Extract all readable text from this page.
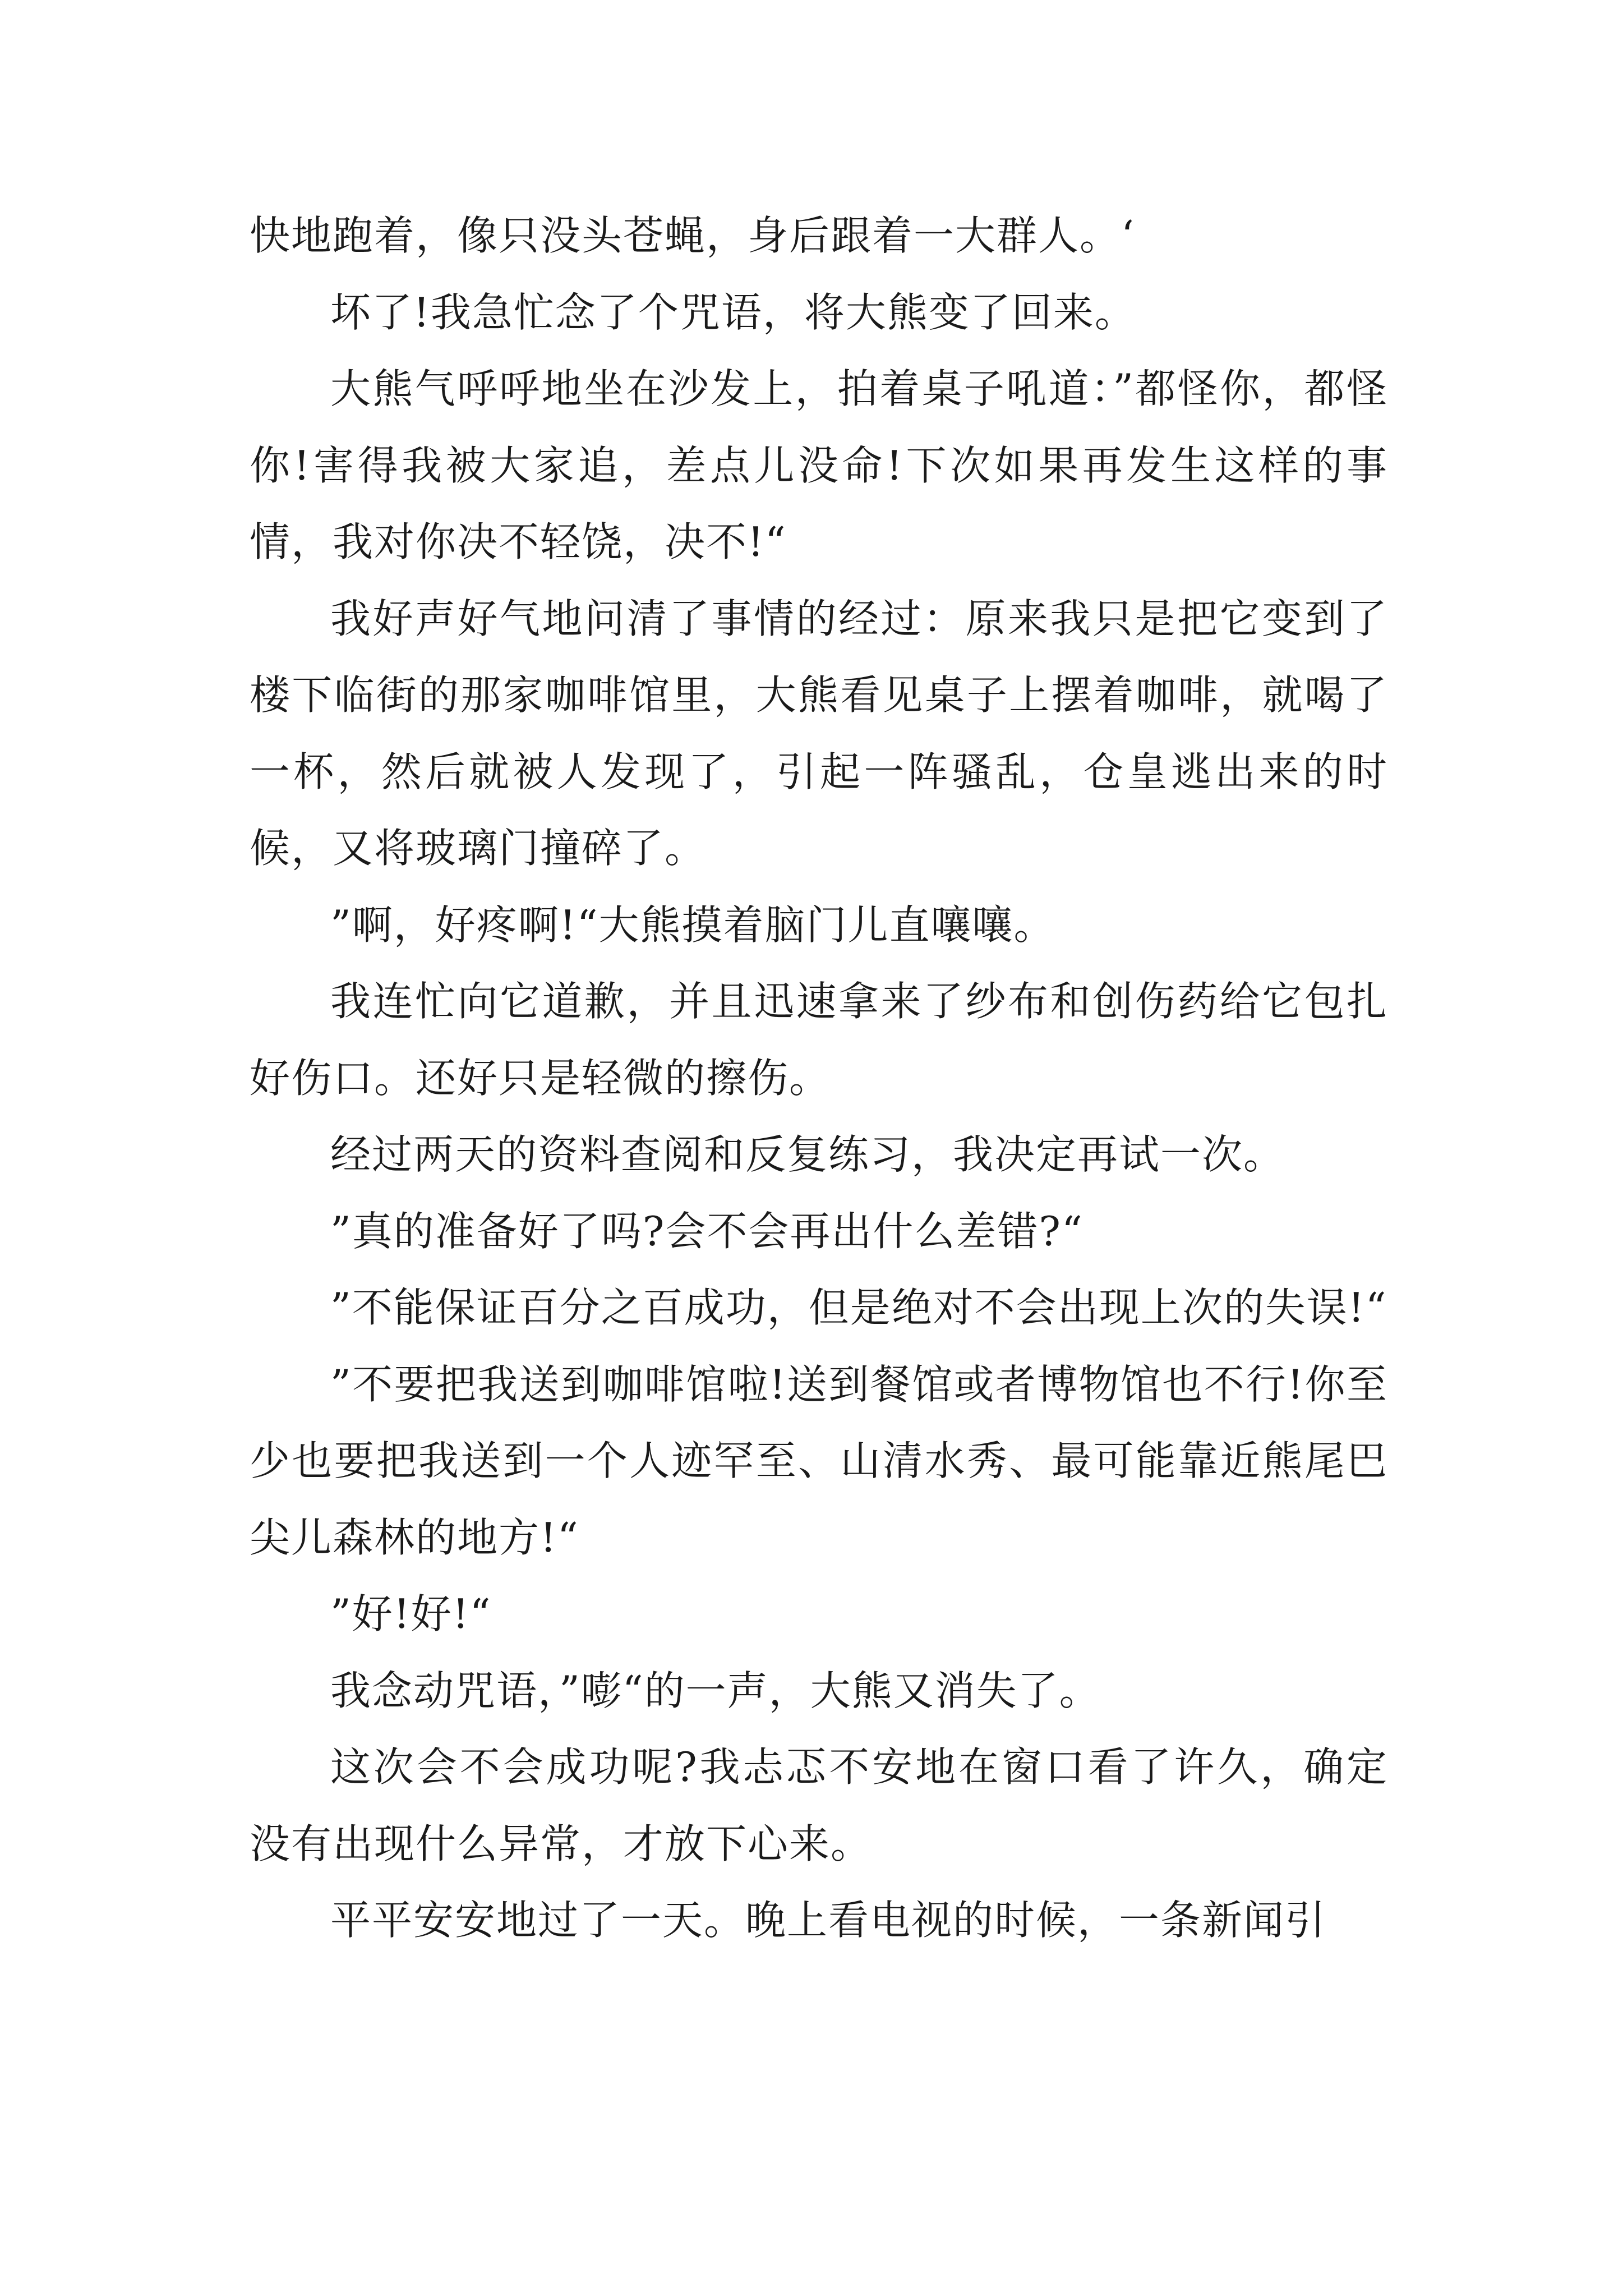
快地跑着，像只没头苍蝇，身后跟着一大群人。‘

坏了!我急忙念了个咒语，将大熊变了回来。

大熊气呼呼地坐在沙发上，拍着桌子吼道：”都怪你，都怪你!害得我被大家追，差点儿没命!下次如果再发生这样的事情，我对你决不轻饶，决不!“

我好声好气地问清了事情的经过：原来我只是把它变到了楼下临街的那家咖啡馆里，大熊看见桌子上摆着咖啡，就喝了一杯，然后就被人发现了，引起一阵骚乱，仓皇逃出来的时候，又将玻璃门撞碎了。

”啊，好疼啊!“大熊摸着脑门儿直嚷嚷。

我连忙向它道歉，并且迅速拿来了纱布和创伤药给它包扎好伤口。还好只是轻微的擦伤。

经过两天的资料查阅和反复练习，我决定再试一次。

”真的准备好了吗?会不会再出什么差错?“

”不能保证百分之百成功，但是绝对不会出现上次的失误!“

”不要把我送到咖啡馆啦!送到餐馆或者博物馆也不行!你至少也要把我送到一个人迹罕至、山清水秀、最可能靠近熊尾巴尖儿森林的地方!“

”好!好!“

我念动咒语，”嘭“的一声，大熊又消失了。

这次会不会成功呢?我忐忑不安地在窗口看了许久，确定没有出现什么异常，才放下心来。

平平安安地过了一天。晚上看电视的时候，一条新闻引
